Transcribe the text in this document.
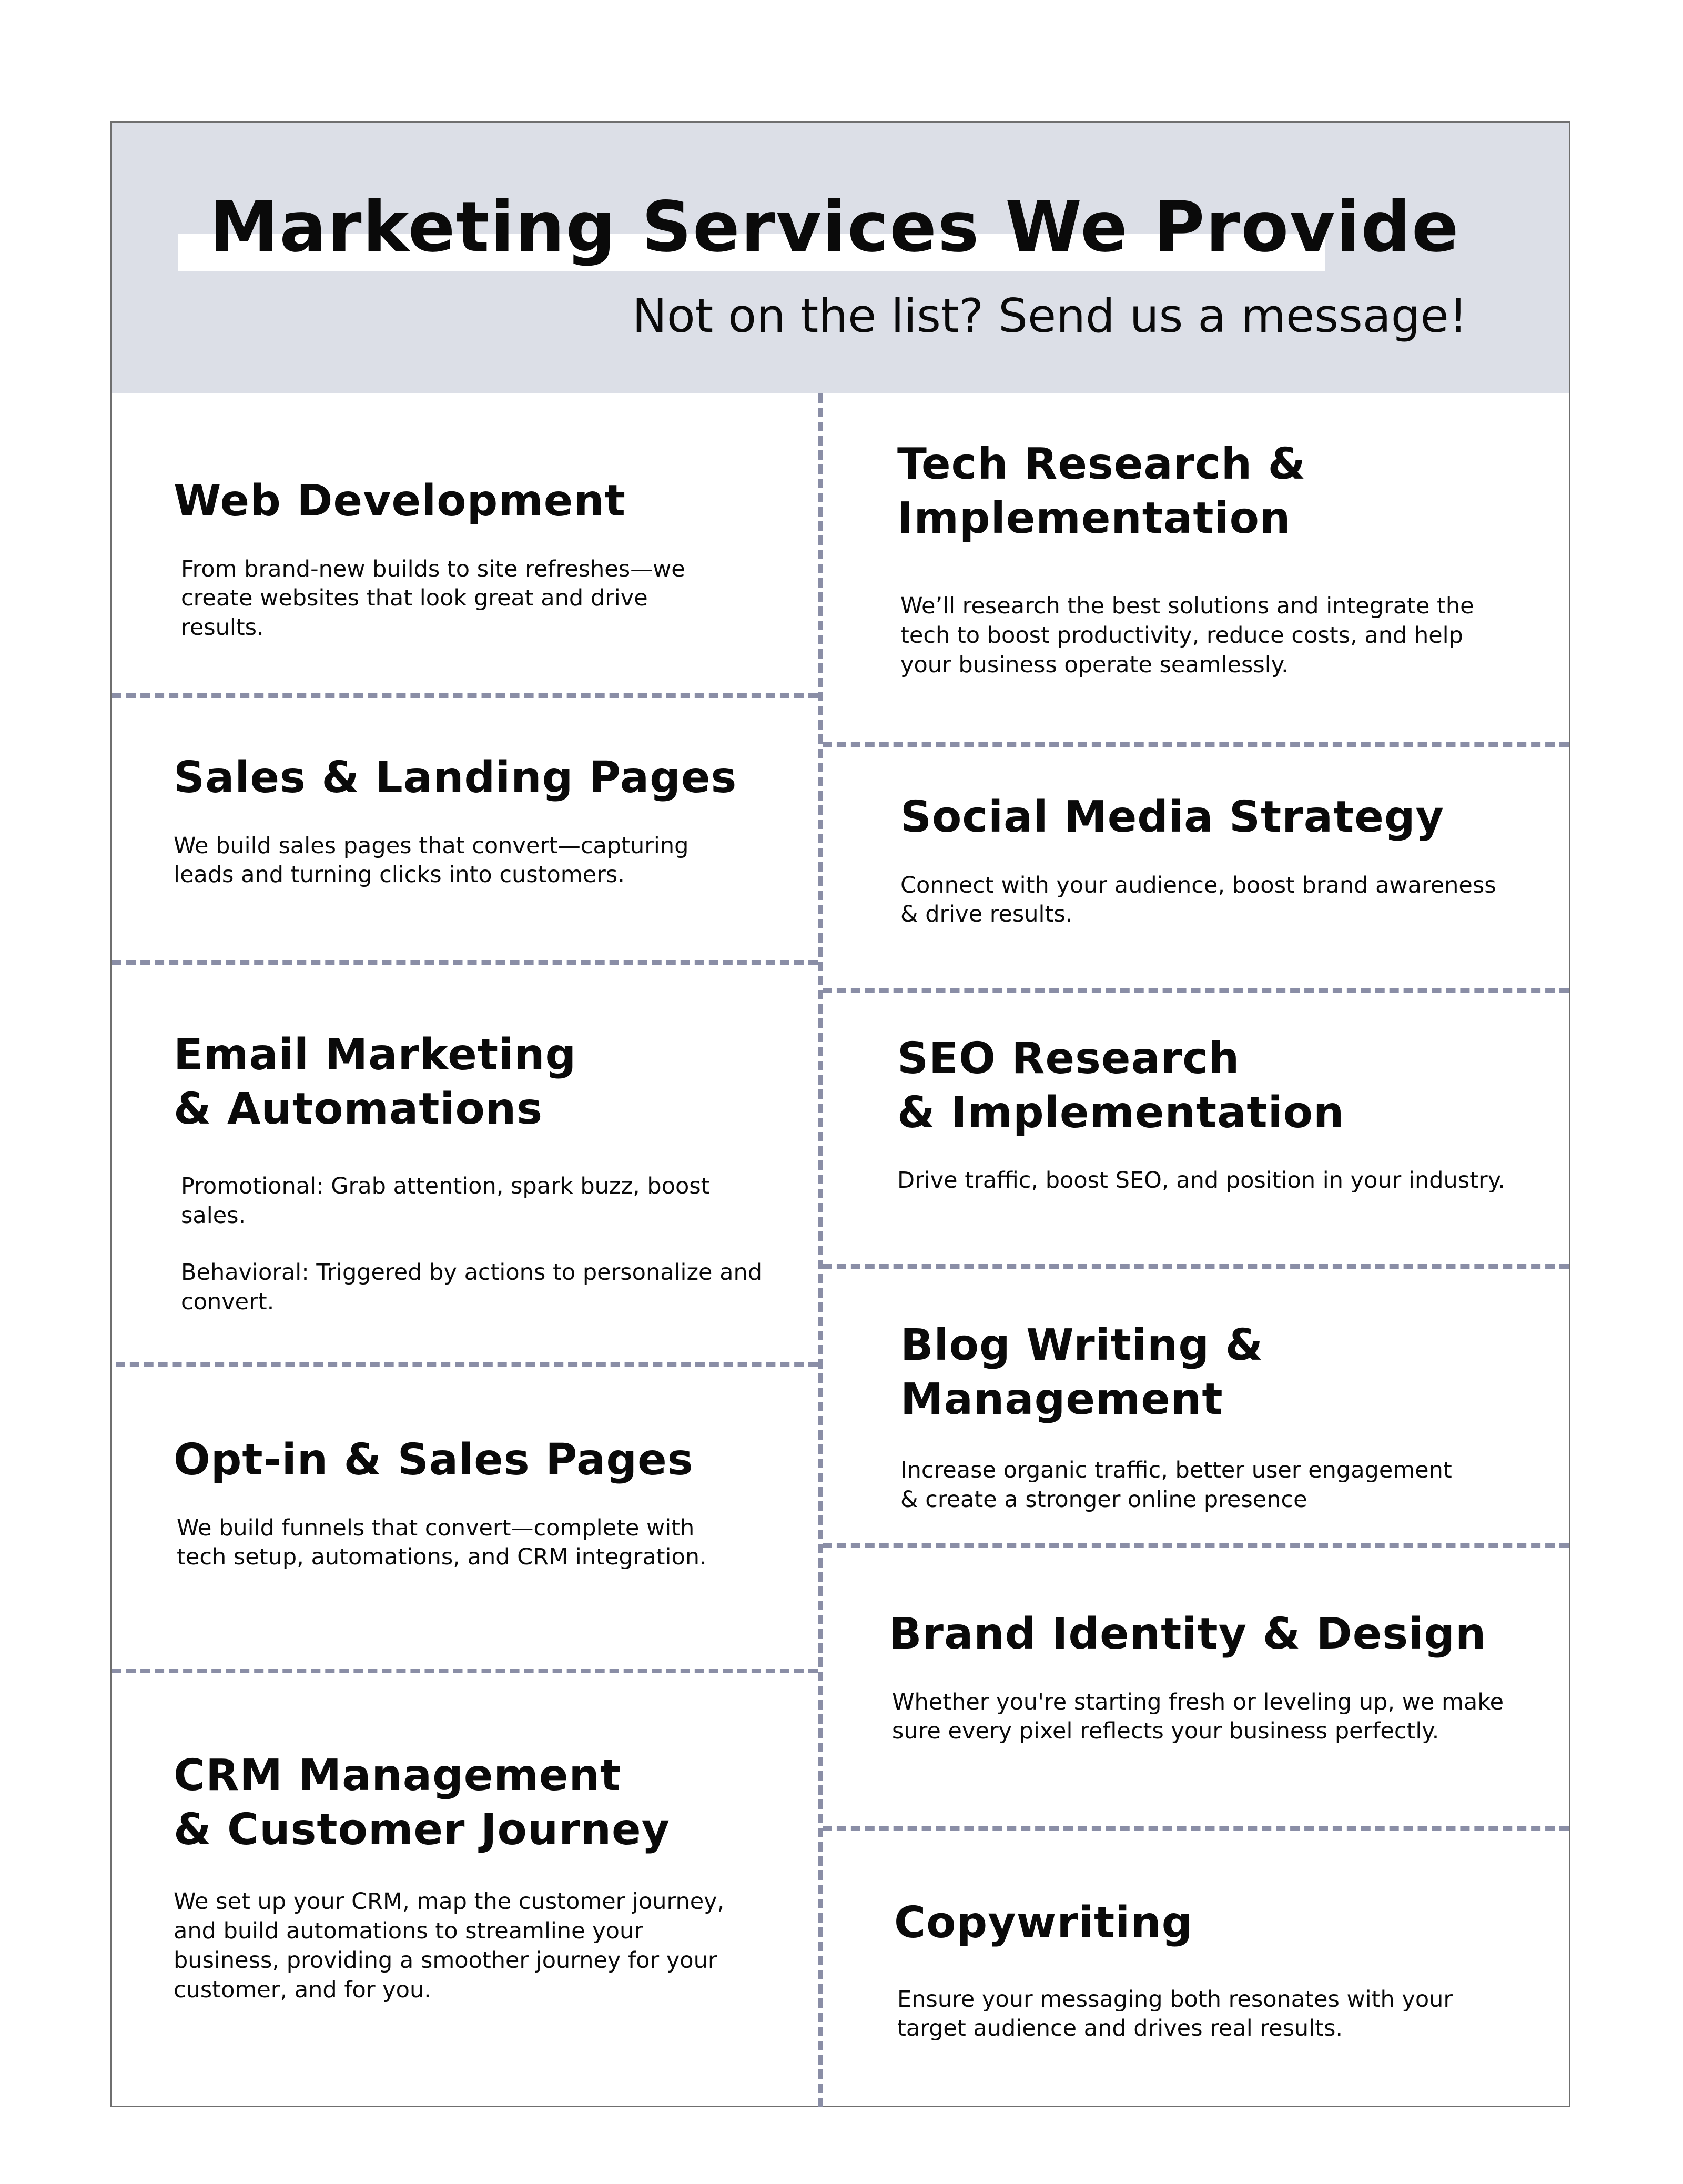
Marketing Services We Provide
Not on the list? Send us a message!
Web Development

From brand-new builds to site refreshes—we create websites that look great and drive results.

Sales & Landing Pages

We build sales pages that convert—capturing leads and turning clicks into customers.

Email Marketing
& Automations

Promotional: Grab attention, spark buzz, boost sales.

Behavioral: Triggered by actions to personalize and convert.

Opt-in & Sales Pages

We build funnels that convert—complete with tech setup, automations, and CRM integration.

CRM Management
& Customer Journey

We set up your CRM, map the customer journey, and build automations to streamline your business, providing a smoother journey for your customer, and for you.

Tech Research &
Implementation

We’ll research the best solutions and integrate the tech to boost productivity, reduce costs, and help your business operate seamlessly.

Social Media Strategy

Connect with your audience, boost brand awareness & drive results.

SEO Research
& Implementation

Drive traffic, boost SEO, and position in your industry.

Blog Writing & Management

Increase organic traffic, better user engagement & create a stronger online presence

Brand Identity & Design

Whether you're starting fresh or leveling up, we make sure every pixel reflects your business perfectly.

Copywriting

Ensure your messaging both resonates with your target audience and drives real results.
